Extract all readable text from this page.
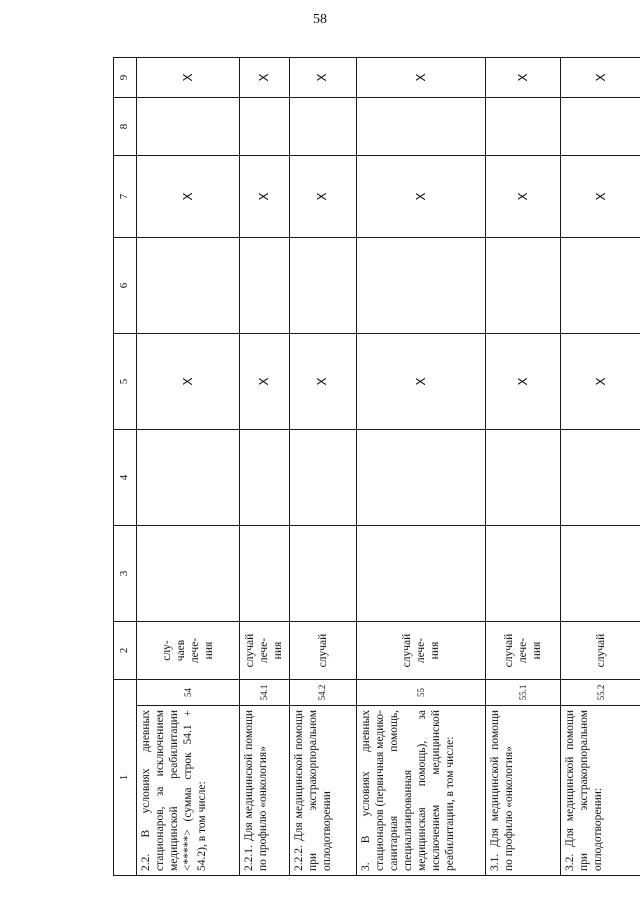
58
1		2	3	4	5	6	7	8	9
2.2. В условиях дневных стационаров, за исключением медицинской реабилитации <*****> (сумма строк 54.1 + 54.2), в том числе:	54	слу-
чаев
лече-
ния			X		X		X
2.2.1. Для медицинской помощи по профилю «онкология»	54.1	случай
лече-
ния			X		X		X
2.2.2. Для медицинской помощи при экстракорпоральном оплодотворении	54.2	случай			X		X		X
3. В условиях дневных стационаров (первичная медико-санитарная помощь, специализированная медицинская помощь), за исключением медицинской реабилитации, в том числе:	55	случай
лече-
ния			X		X		X
3.1. Для медицинской помощи по профилю «онкология»	55.1	случай
лече-
ния			X		X		X
3.2. Для медицинской помощи при экстракорпоральном оплодотворении:	55.2	случай			X		X		X
